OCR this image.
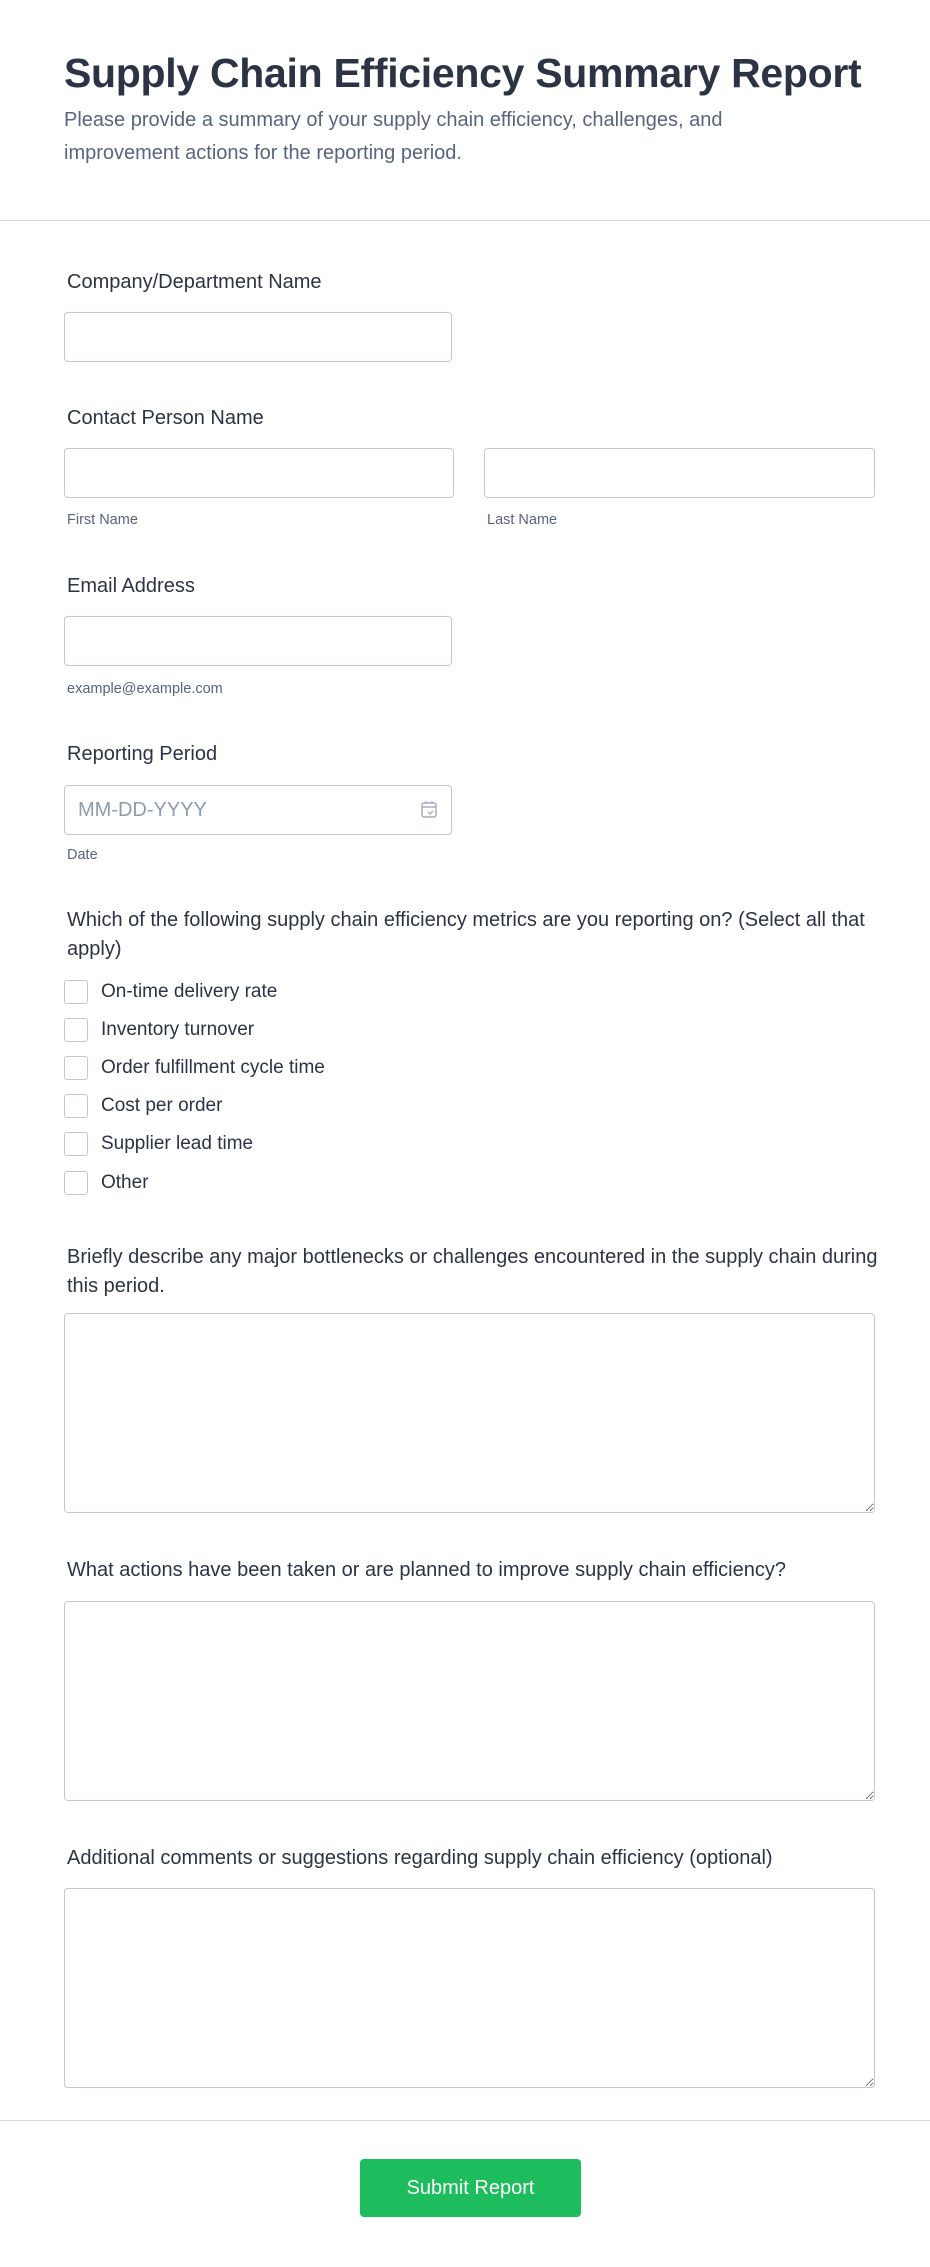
Supply Chain Efficiency Summary Report
Please provide a summary of your supply chain efficiency, challenges, and improvement actions for the reporting period.
Company/Department Name
Contact Person Name
First Name	Last Name
Email Address
example@example.com
Reporting Period
MM-DD-YYYY
Date
Which of the following supply chain efficiency metrics are you reporting on? (Select all that apply)
On-time delivery rate
Inventory turnover
Order fulfillment cycle time
Cost per order
Supplier lead time
Other
Briefly describe any major bottlenecks or challenges encountered in the supply chain during this period.
What actions have been taken or are planned to improve supply chain efficiency?
Additional comments or suggestions regarding supply chain efficiency (optional)
Submit Report
